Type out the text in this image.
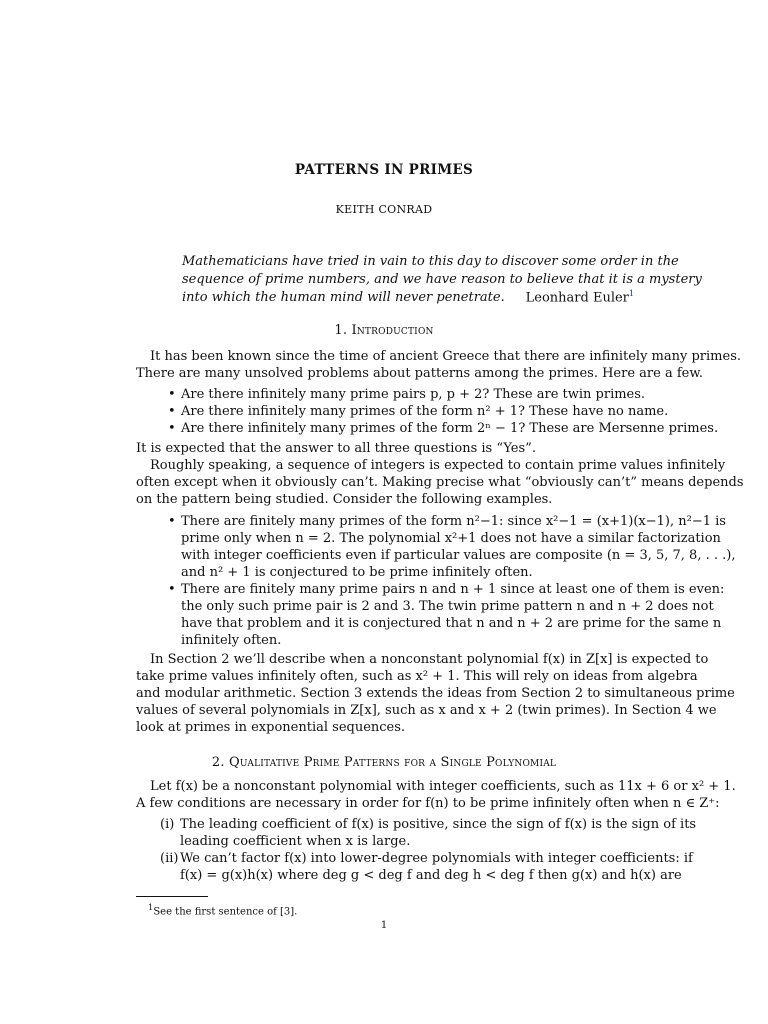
PATTERNS IN PRIMES
KEITH CONRAD
Mathematicians have tried in vain to this day to discover some order in the
sequence of prime numbers, and we have reason to believe that it is a mystery
into which the human mind will never penetrate.	Leonhard Euler$^1$
1. Introduction
It has been known since the time of ancient Greece that there are infinitely many primes.
There are many unsolved problems about patterns among the primes. Here are a few.
• Are there infinitely many prime pairs p, p + 2? These are twin primes.
• Are there infinitely many primes of the form n² + 1? These have no name.
• Are there infinitely many primes of the form 2ⁿ − 1? These are Mersenne primes.
It is expected that the answer to all three questions is “Yes”.
Roughly speaking, a sequence of integers is expected to contain prime values infinitely
often except when it obviously can’t. Making precise what “obviously can’t” means depends
on the pattern being studied. Consider the following examples.
• There are finitely many primes of the form n²−1: since x²−1 = (x+1)(x−1), n²−1 is
prime only when n = 2. The polynomial x²+1 does not have a similar factorization
with integer coefficients even if particular values are composite (n = 3, 5, 7, 8, . . .),
and n² + 1 is conjectured to be prime infinitely often.
• There are finitely many prime pairs n and n + 1 since at least one of them is even:
the only such prime pair is 2 and 3. The twin prime pattern n and n + 2 does not
have that problem and it is conjectured that n and n + 2 are prime for the same n
infinitely often.
In Section 2 we’ll describe when a nonconstant polynomial f(x) in Z[x] is expected to
take prime values infinitely often, such as x² + 1. This will rely on ideas from algebra
and modular arithmetic. Section 3 extends the ideas from Section 2 to simultaneous prime
values of several polynomials in Z[x], such as x and x + 2 (twin primes). In Section 4 we
look at primes in exponential sequences.
2. Qualitative Prime Patterns for a Single Polynomial
Let f(x) be a nonconstant polynomial with integer coefficients, such as 11x + 6 or x² + 1.
A few conditions are necessary in order for f(n) to be prime infinitely often when n ∈ Z⁺:
(i) The leading coefficient of f(x) is positive, since the sign of f(x) is the sign of its
leading coefficient when x is large.
(ii) We can’t factor f(x) into lower-degree polynomials with integer coefficients: if
f(x) = g(x)h(x) where deg g < deg f and deg h < deg f then g(x) and h(x) are
$^1$See the first sentence of [3].
1
